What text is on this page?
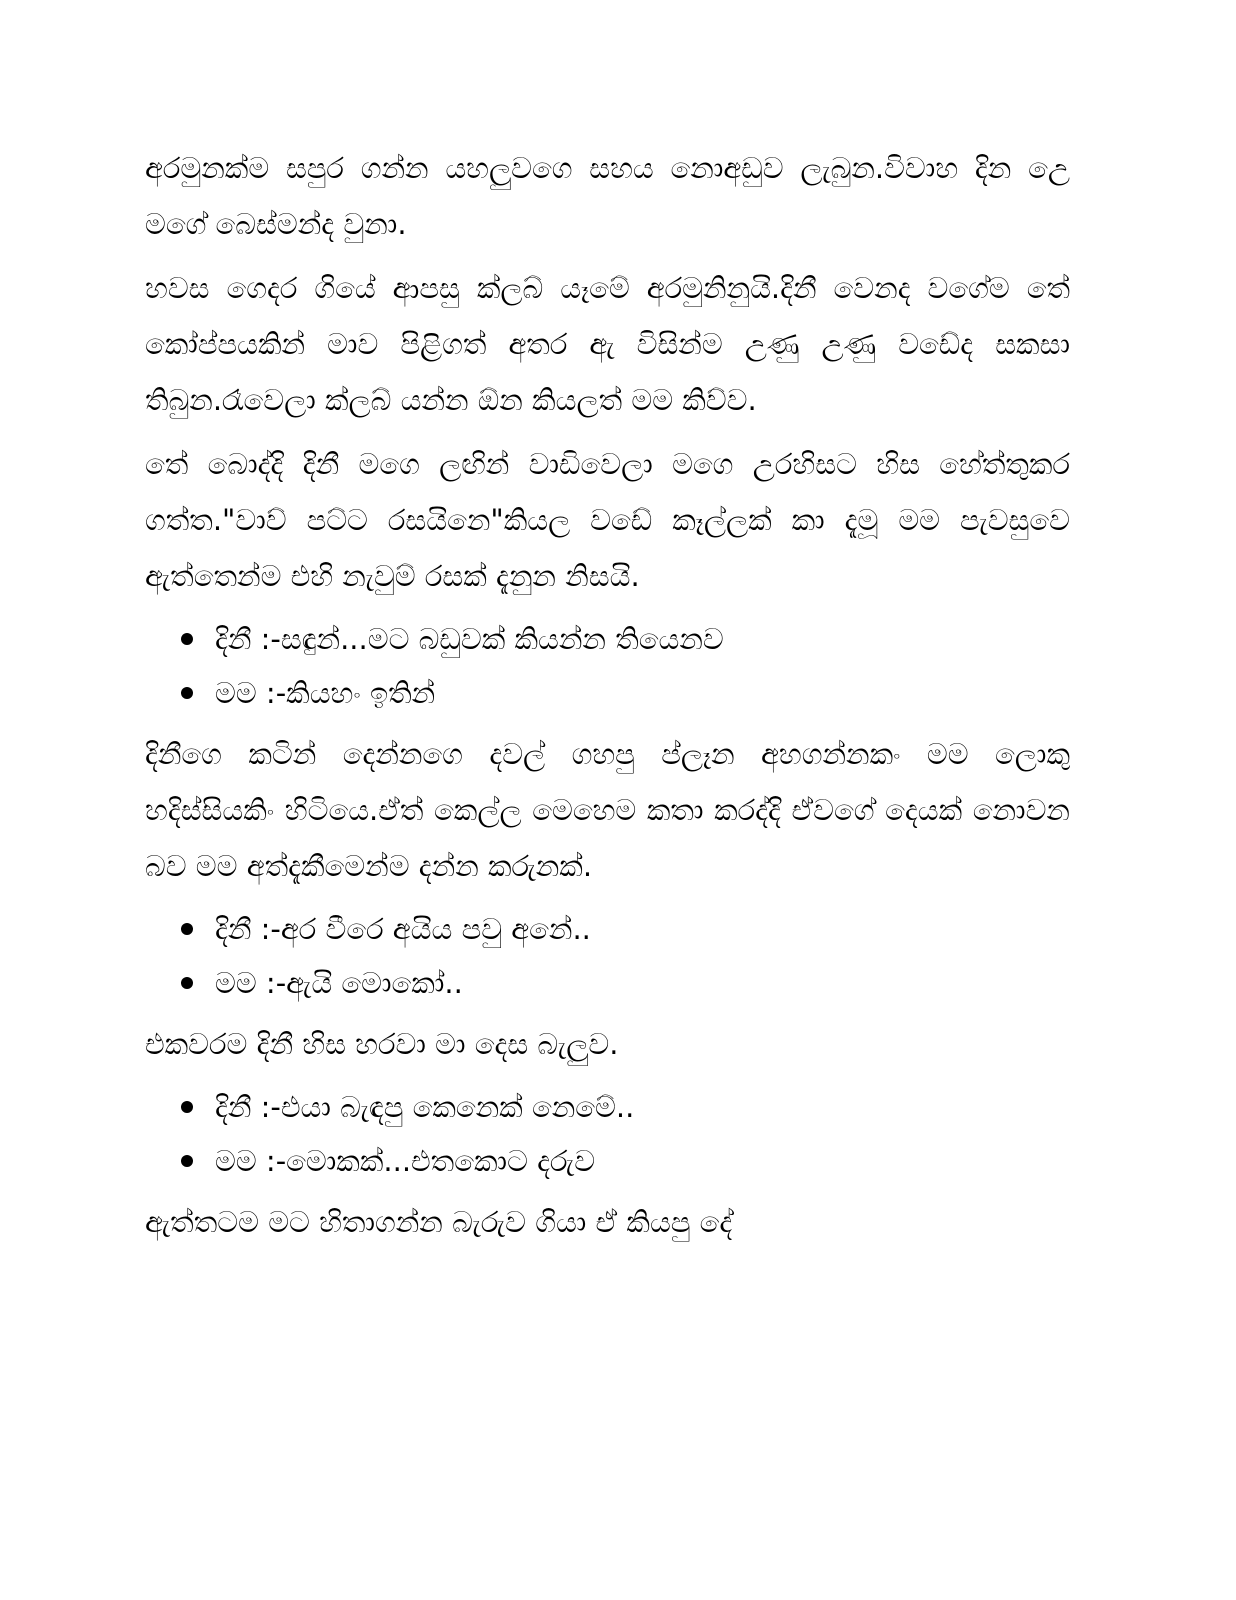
අරමුනක්ම සපුර ගන්න යහලුවගෙ සහය නොඅඩුව ලැබුන.විවාහ දින උෙ මගේ බෙස්මන්ද වුනා.

හවස ගෙදර ගියේ ආපසු ක්ලබ් යෑමේ අරමුනිනුයි.දිනී වෙනද වගේම තේ කෝප්පයකින් මාව පිළිගත් අතර ඇ විසින්ම උණු උණු වඩේද සකසා තිබුන.රෑවෙලා ක්ලබ් යන්න ඕන කියලත් මම කිව්ව.

තේ බොද්දි දිනී මගෙ ලඟින් වාඩිවෙලා මගෙ උරහිසට හිස හේත්තුකර ගත්ත."වාව් පට්ට රසයිනෙ"කියල වඩේ කෑල්ලක් කා දැමූ මම පැවසුවෙ ඇත්තෙන්ම එහි නැවුම් රසක් දැනුන නිසයි.

දිනී :-සඳුන්...මට බඩුවක් කියන්න තියෙනව
මම :-කියහං ඉතින්

දිනීගෙ කටින් දෙන්නගෙ දවල් ගහපු ප්ලෑන අහගන්නකං මම ලොකු හදිස්සියකිං හිටියෙ.ඒත් කෙල්ල මෙහෙම කතා කරද්දි ඒවගේ දෙයක් නොවන බව මම අත්දැකීමෙන්ම දන්න කරුනක්.

දිනී :-අර වීරෙ අයිය පවු අනේ..
මම :-ඇයි මොකෝ..

එකවරම දිනී හිස හරවා මා දෙස බැලුව.

දිනී :-එයා බැඳපු කෙනෙක් නෙමේ..
මම :-මොකක්...එතකොට දරුව

ඇත්තටම මට හිතාගන්න බැරුව ගියා ඒ කියපු දේ
